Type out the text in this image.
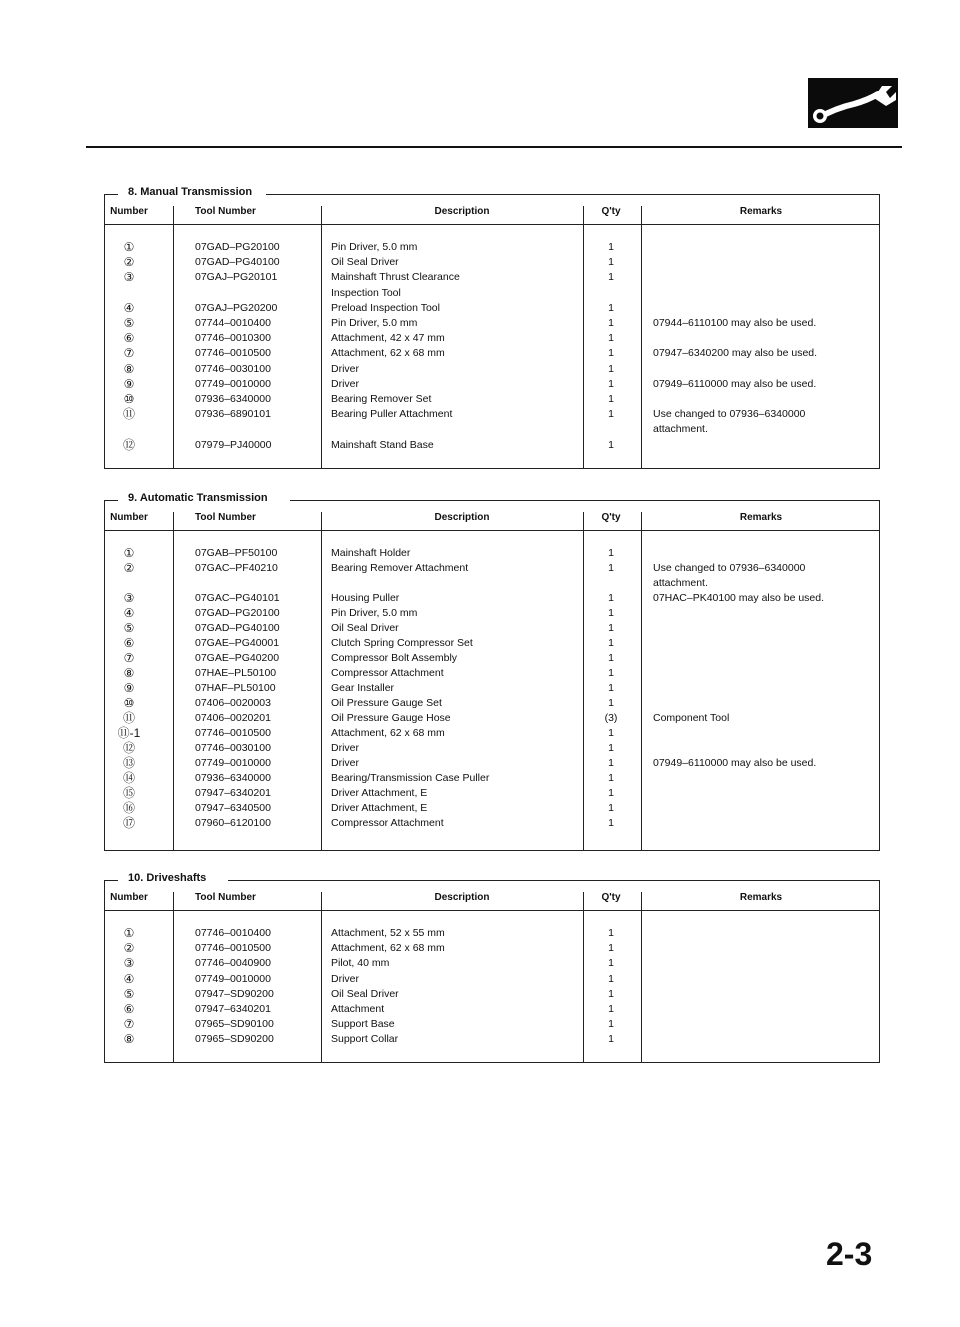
8. Manual Transmission
Number	Tool Number	Description	Q'ty	Remarks
①	07GAD–PG20100	Pin Driver, 5.0 mm	1
②	07GAD–PG40100	Oil Seal Driver	1
③	07GAJ–PG20101	Mainshaft Thrust Clearance	1
Inspection Tool
④	07GAJ–PG20200	Preload Inspection Tool	1
⑤	07744–0010400	Pin Driver, 5.0 mm	1	07944–6110100 may also be used.
⑥	07746–0010300	Attachment, 42 x 47 mm	1
⑦	07746–0010500	Attachment, 62 x 68 mm	1	07947–6340200 may also be used.
⑧	07746–0030100	Driver	1
⑨	07749–0010000	Driver	1	07949–6110000 may also be used.
⑩	07936–6340000	Bearing Remover Set	1
⑪	07936–6890101	Bearing Puller Attachment	1	Use changed to 07936–6340000
attachment.
⑫	07979–PJ40000	Mainshaft Stand Base	1
9. Automatic Transmission
Number	Tool Number	Description	Q'ty	Remarks
①	07GAB–PF50100	Mainshaft Holder	1
②	07GAC–PF40210	Bearing Remover Attachment	1	Use changed to 07936–6340000
attachment.
③	07GAC–PG40101	Housing Puller	1	07HAC–PK40100 may also be used.
④	07GAD–PG20100	Pin Driver, 5.0 mm	1
⑤	07GAD–PG40100	Oil Seal Driver	1
⑥	07GAE–PG40001	Clutch Spring Compressor Set	1
⑦	07GAE–PG40200	Compressor Bolt Assembly	1
⑧	07HAE–PL50100	Compressor Attachment	1
⑨	07HAF–PL50100	Gear Installer	1
⑩	07406–0020003	Oil Pressure Gauge Set	1
⑪	07406–0020201	Oil Pressure Gauge Hose	(3)	Component Tool
⑪-1	07746–0010500	Attachment, 62 x 68 mm	1
⑫	07746–0030100	Driver	1
⑬	07749–0010000	Driver	1	07949–6110000 may also be used.
⑭	07936–6340000	Bearing/Transmission Case Puller	1
⑮	07947–6340201	Driver Attachment, E	1
⑯	07947–6340500	Driver Attachment, E	1
⑰	07960–6120100	Compressor Attachment	1
10. Driveshafts
Number	Tool Number	Description	Q'ty	Remarks
①	07746–0010400	Attachment, 52 x 55 mm	1
②	07746–0010500	Attachment, 62 x 68 mm	1
③	07746–0040900	Pilot, 40 mm	1
④	07749–0010000	Driver	1
⑤	07947–SD90200	Oil Seal Driver	1
⑥	07947–6340201	Attachment	1
⑦	07965–SD90100	Support Base	1
⑧	07965–SD90200	Support Collar	1
2-3
